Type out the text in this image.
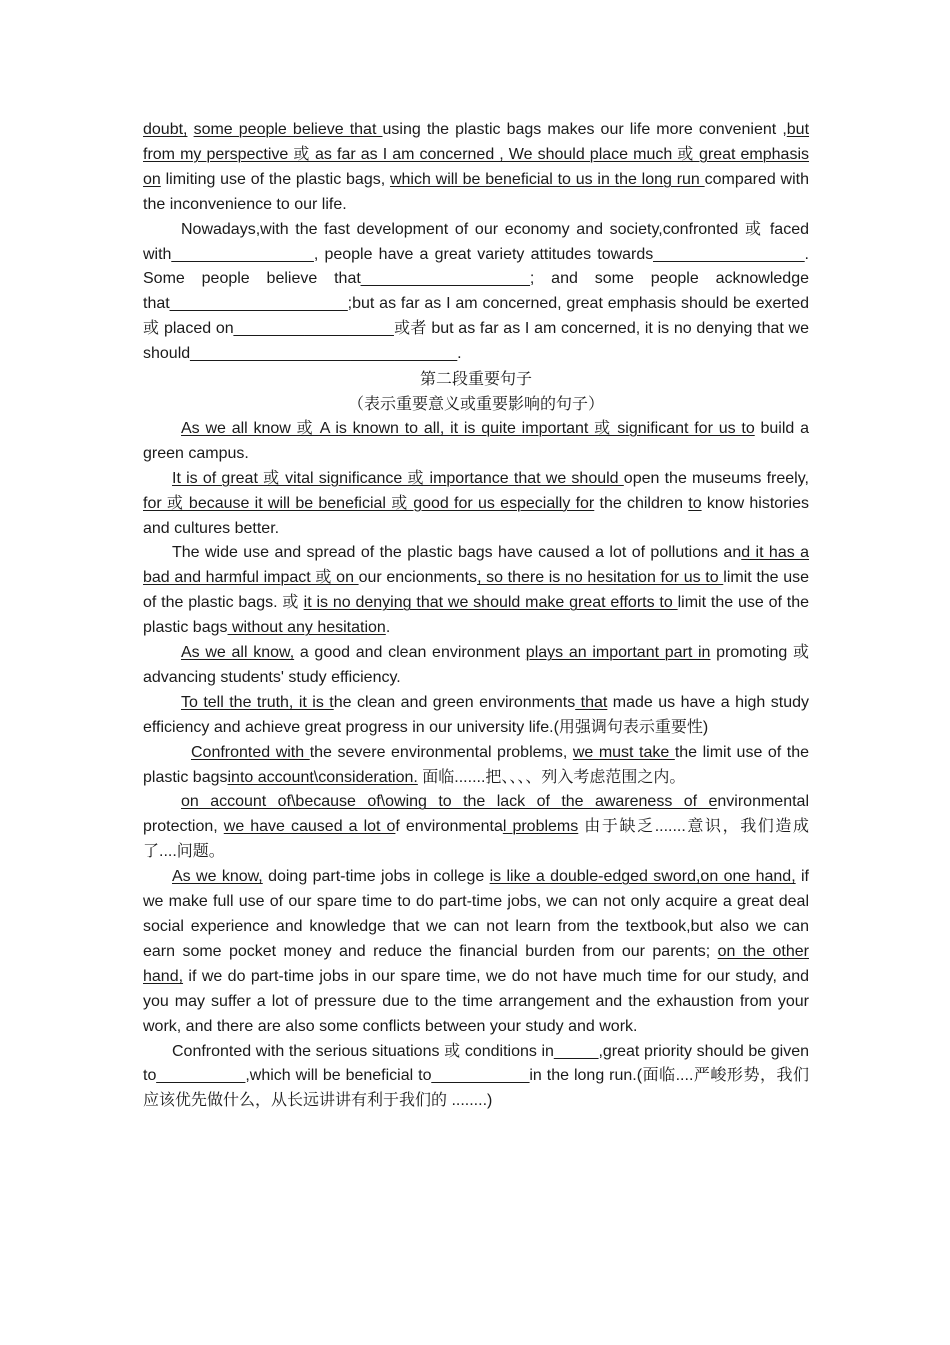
doubt, some people believe that using the plastic bags makes our life more convenient ,but from my perspective 或 as far as I am concerned , We should place much 或 great emphasis on limiting use of the plastic bags, which will be beneficial to us in the long run compared with the inconvenience to our life.

Nowadays,with the fast development of our economy and society,confronted 或 faced with________________, people have a great variety attitudes towards_________________. Some people believe that___________________; and some people acknowledge that____________________;but as far as I am concerned, great emphasis should be exerted 或 placed on__________________或者 but as far as I am concerned, it is no denying that we should______________________________.

第二段重要句子

（表示重要意义或重要影响的句子）

As we all know 或 A is known to all, it is quite important 或 significant for us to build a green campus.

It is of great 或 vital significance 或 importance that we should open the museums freely, for 或 because it will be beneficial 或 good for us especially for the children to know histories and cultures better.

The wide use and spread of the plastic bags have caused a lot of pollutions and it has a bad and harmful impact 或 on our encionments, so there is no hesitation for us to limit the use of the plastic bags. 或 it is no denying that we should make great efforts to limit the use of the plastic bags without any hesitation.

As we all know, a good and clean environment plays an important part in promoting 或 advancing students' study efficiency.

To tell the truth, it is the clean and green environments that made us have a high study efficiency and achieve great progress in our university life.(用强调句表示重要性)

Confronted with the severe environmental problems, we must take the limit use of the plastic bagsinto account\consideration. 面临.......把、、、、列入考虑范围之内。

on account of\because of\owing to the lack of the awareness of environmental protection, we have caused a lot of environmental problems 由于缺乏.......意识，我们造成了....问题。

As we know, doing part-time jobs in college is like a double-edged sword,on one hand, if we make full use of our spare time to do part-time jobs, we can not only acquire a great deal social experience and knowledge that we can not learn from the textbook,but also we can earn some pocket money and reduce the financial burden from our parents; on the other hand, if we do part-time jobs in our spare time, we do not have much time for our study, and you may suffer a lot of pressure due to the time arrangement and the exhaustion from your work, and there are also some conflicts between your study and work.

Confronted with the serious situations 或 conditions in_____,great priority should be given to__________,which will be beneficial to___________in the long run.(面临....严峻形势，我们应该优先做什么，从长远讲讲有利于我们的 ........)
